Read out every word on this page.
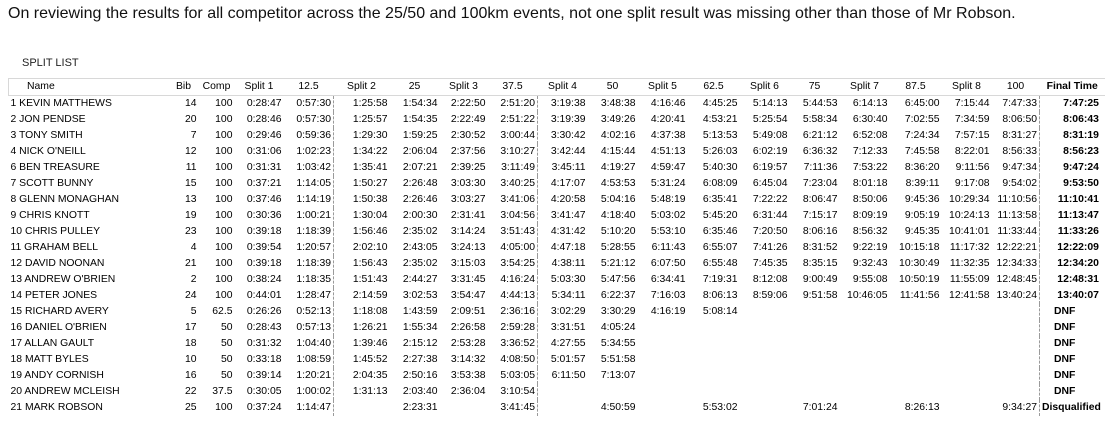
On reviewing the results for all competitor across the 25/50 and 100km events, not one split result was missing other than those of Mr Robson.
SPLIT LIST
Name	Bib	Comp	Split 1	12.5	Split 2	25	Split 3	37.5	Split 4	50	Split 5	62.5	Split 6	75	Split 7	87.5	Split 8	100	Final Time
1 KEVIN MATTHEWS	14	100	0:28:47	0:57:30	1:25:58	1:54:34	2:22:50	2:51:20	3:19:38	3:48:38	4:16:46	4:45:25	5:14:13	5:44:53	6:14:13	6:45:00	7:15:44	7:47:33	7:47:25
2 JON PENDSE	20	100	0:28:46	0:57:30	1:25:57	1:54:35	2:22:49	2:51:22	3:19:39	3:49:26	4:20:41	4:53:21	5:25:54	5:58:34	6:30:40	7:02:55	7:34:59	8:06:50	8:06:43
3 TONY SMITH	7	100	0:29:46	0:59:36	1:29:30	1:59:25	2:30:52	3:00:44	3:30:42	4:02:16	4:37:38	5:13:53	5:49:08	6:21:12	6:52:08	7:24:34	7:57:15	8:31:27	8:31:19
4 NICK O'NEILL	12	100	0:31:06	1:02:23	1:34:22	2:06:04	2:37:56	3:10:27	3:42:44	4:15:44	4:51:13	5:26:03	6:02:19	6:36:32	7:12:33	7:45:58	8:22:01	8:56:33	8:56:23
6 BEN TREASURE	11	100	0:31:31	1:03:42	1:35:41	2:07:21	2:39:25	3:11:49	3:45:11	4:19:27	4:59:47	5:40:30	6:19:57	7:11:36	7:53:22	8:36:20	9:11:56	9:47:34	9:47:24
7 SCOTT BUNNY	15	100	0:37:21	1:14:05	1:50:27	2:26:48	3:03:30	3:40:25	4:17:07	4:53:53	5:31:24	6:08:09	6:45:04	7:23:04	8:01:18	8:39:11	9:17:08	9:54:02	9:53:50
8 GLENN MONAGHAN	13	100	0:37:46	1:14:19	1:50:38	2:26:46	3:03:27	3:41:06	4:20:58	5:04:16	5:48:19	6:35:41	7:22:22	8:06:47	8:50:06	9:45:36	10:29:34	11:10:56	11:10:41
9 CHRIS KNOTT	19	100	0:30:36	1:00:21	1:30:04	2:00:30	2:31:41	3:04:56	3:41:47	4:18:40	5:03:02	5:45:20	6:31:44	7:15:17	8:09:19	9:05:19	10:24:13	11:13:58	11:13:47
10 CHRIS PULLEY	23	100	0:39:18	1:18:39	1:56:46	2:35:02	3:14:24	3:51:43	4:31:42	5:10:20	5:53:10	6:35:46	7:20:50	8:06:16	8:56:32	9:45:35	10:41:01	11:33:44	11:33:26
11 GRAHAM BELL	4	100	0:39:54	1:20:57	2:02:10	2:43:05	3:24:13	4:05:00	4:47:18	5:28:55	6:11:43	6:55:07	7:41:26	8:31:52	9:22:19	10:15:18	11:17:32	12:22:21	12:22:09
12 DAVID NOONAN	21	100	0:39:18	1:18:39	1:56:43	2:35:02	3:15:03	3:54:25	4:38:11	5:21:12	6:07:50	6:55:48	7:45:35	8:35:15	9:32:43	10:30:49	11:32:35	12:34:33	12:34:20
13 ANDREW O'BRIEN	2	100	0:38:24	1:18:35	1:51:43	2:44:27	3:31:45	4:16:24	5:03:30	5:47:56	6:34:41	7:19:31	8:12:08	9:00:49	9:55:08	10:50:19	11:55:09	12:48:45	12:48:31
14 PETER JONES	24	100	0:44:01	1:28:47	2:14:59	3:02:53	3:54:47	4:44:13	5:34:11	6:22:37	7:16:03	8:06:13	8:59:06	9:51:58	10:46:05	11:41:56	12:41:58	13:40:24	13:40:07
15 RICHARD AVERY	5	62.5	0:26:26	0:52:13	1:18:08	1:43:59	2:09:51	2:36:16	3:02:29	3:30:29	4:16:19	5:08:14							DNF
16 DANIEL O'BRIEN	17	50	0:28:43	0:57:13	1:26:21	1:55:34	2:26:58	2:59:28	3:31:51	4:05:24									DNF
17 ALLAN GAULT	18	50	0:31:32	1:04:40	1:39:46	2:15:12	2:53:28	3:36:52	4:27:55	5:34:55									DNF
18 MATT BYLES	10	50	0:33:18	1:08:59	1:45:52	2:27:38	3:14:32	4:08:50	5:01:57	5:51:58									DNF
19 ANDY CORNISH	16	50	0:39:14	1:20:21	2:04:35	2:50:16	3:53:38	5:03:05	6:11:50	7:13:07									DNF
20 ANDREW MCLEISH	22	37.5	0:30:05	1:00:02	1:31:13	2:03:40	2:36:04	3:10:54											DNF
21 MARK ROBSON	25	100	0:37:24	1:14:47		2:23:31		3:41:45		4:50:59		5:53:02		7:01:24		8:26:13		9:34:27	Disqualified
